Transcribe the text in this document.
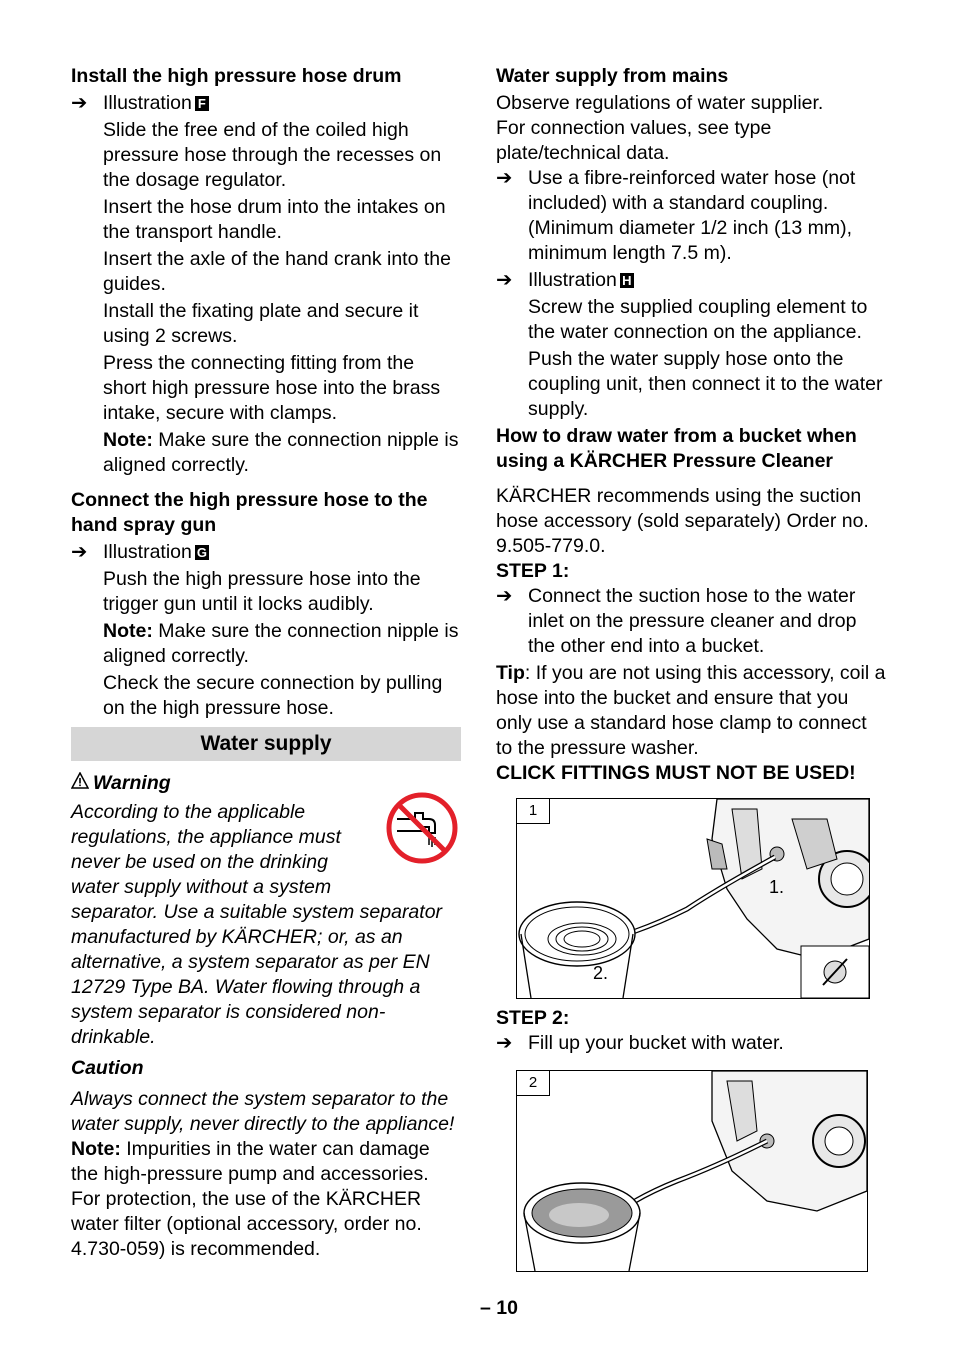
Install the high pressure hose drum
➔ Illustration F

Slide the free end of the coiled high pressure hose through the recesses on the dosage regulator.

Insert the hose drum into the intakes on the transport handle.

Insert the axle of the hand crank into the guides.

Install the fixating plate and secure it using 2 screws.

Press the connecting fitting from the short high pressure hose into the brass intake, secure with clamps.

Note: Make sure the connection nipple is aligned correctly.

Connect the high pressure hose to the hand spray gun
➔ Illustration G

Push the high pressure hose into the trigger gun until it locks audibly.

Note: Make sure the connection nipple is aligned correctly.

Check the secure connection by pulling on the high pressure hose.

Water supply
Warning

According to the applicable regulations, the appliance must never be used on the drinking water supply without a system separator. Use a suitable system separator manufactured by KÄRCHER; or, as an alternative, a system separator as per EN 12729 Type BA. Water flowing through a system separator is considered non-drinkable.

Caution

Always connect the system separator to the water supply, never directly to the appliance!

Note: Impurities in the water can damage the high-pressure pump and accessories. For protection, the use of the KÄRCHER water filter (optional accessory, order no. 4.730-059) is recommended.

Water supply from mains

Observe regulations of water supplier.

For connection values, see type plate/technical data.

➔ Use a fibre-reinforced water hose (not included) with a standard coupling. (Minimum diameter 1/2 inch (13 mm), minimum length 7.5 m).
➔ Illustration H

Screw the supplied coupling element to the water connection on the appliance.

Push the water supply hose onto the coupling unit, then connect it to the water supply.

How to draw water from a bucket when using a KÄRCHER Pressure Cleaner

KÄRCHER recommends using the suction hose accessory (sold separately) Order no. 9.505-779.0.

STEP 1:
➔ Connect the suction hose to the water inlet on the pressure cleaner and drop the other end into a bucket.

Tip: If you are not using this accessory, coil a hose into the bucket and ensure that you only use a standard hose clamp to connect to the pressure washer.

CLICK FITTINGS MUST NOT BE USED!
1
1.
2.
STEP 2:
➔ Fill up your bucket with water.
2
– 10
